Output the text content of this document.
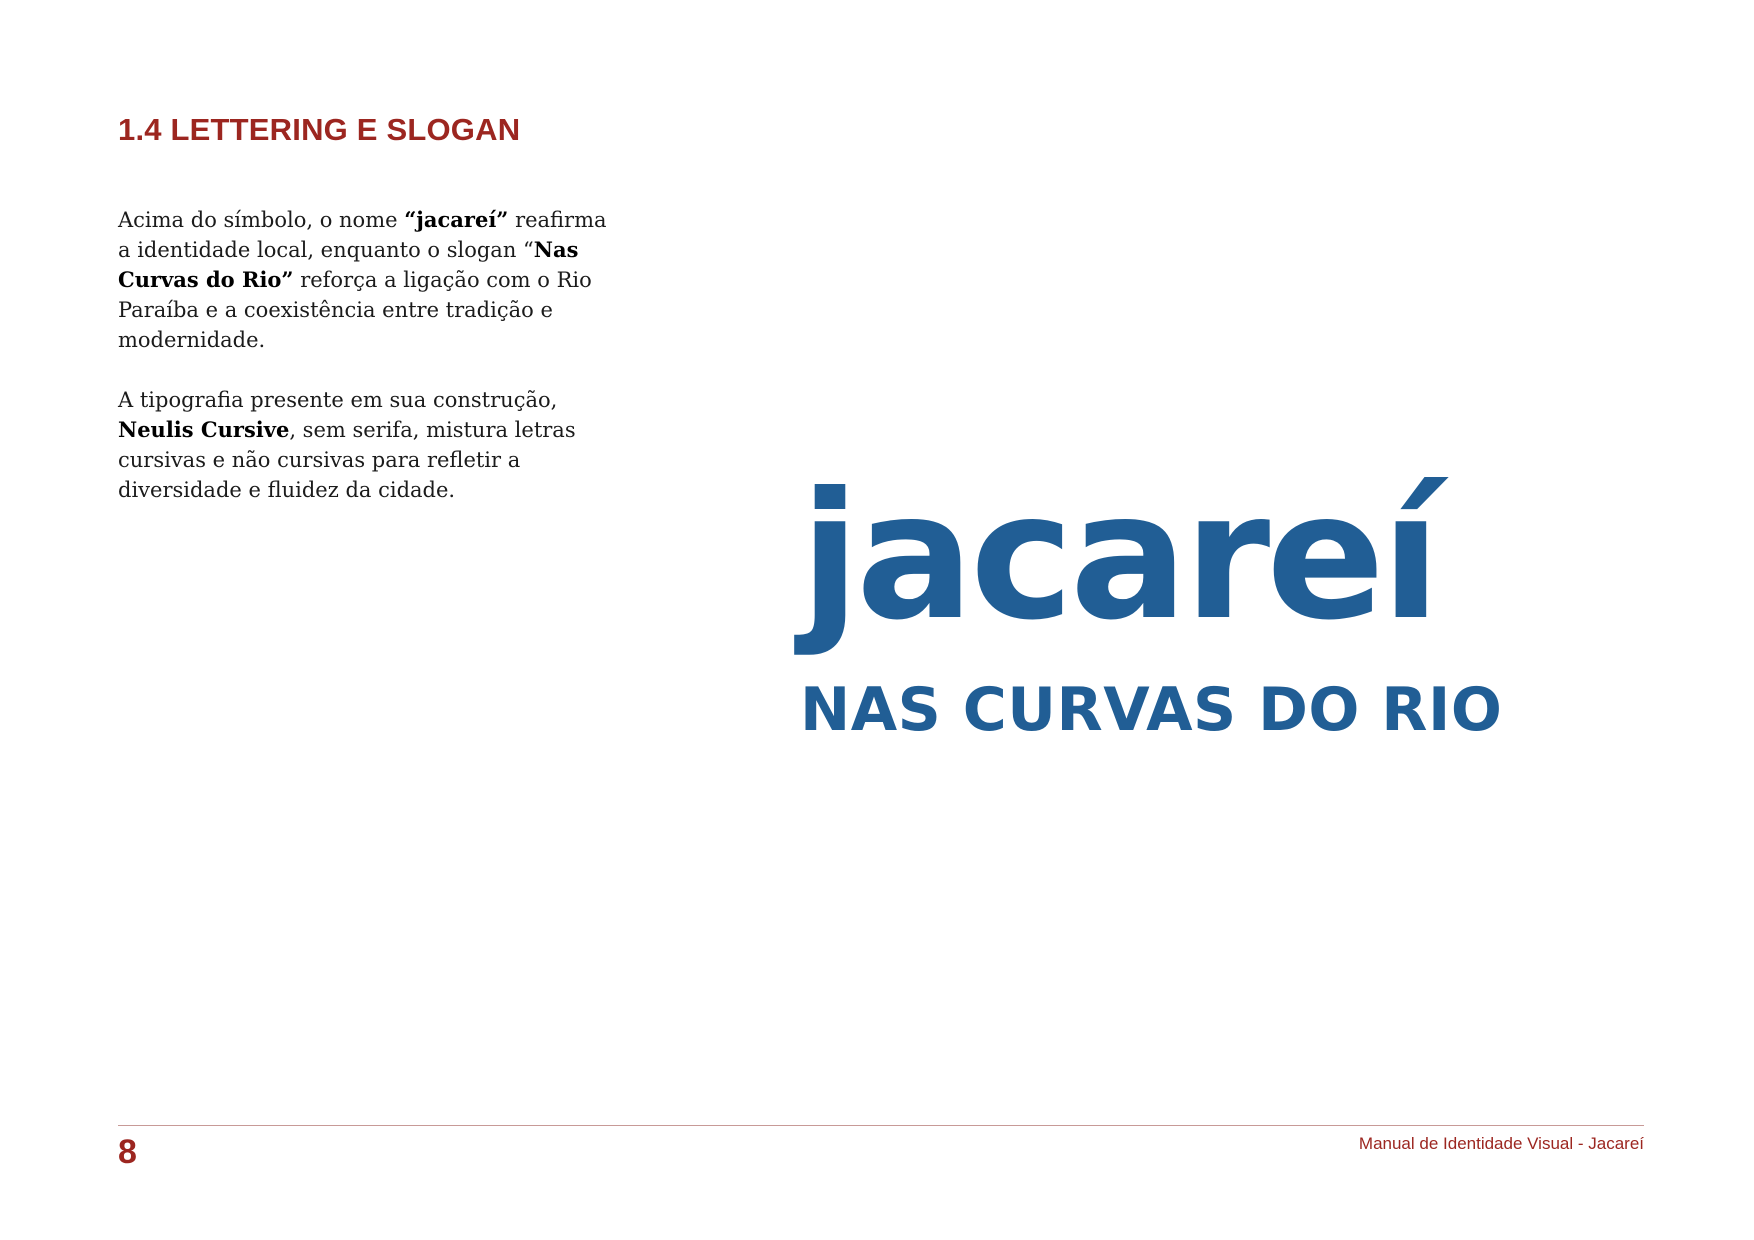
1.4 LETTERING E SLOGAN

Acima do símbolo, o nome “jacareí” reafirma a identidade local, enquanto o slogan “Nas Curvas do Rio” reforça a ligação com o Rio Paraíba e a coexistência entre tradição e modernidade.

A tipografia presente em sua construção, Neulis Cursive, sem serifa, mistura letras cursivas e não cursivas para refletir a diversidade e fluidez da cidade.	jacareí

NAS CURVAS DO RIO

8	Manual de Identidade Visual - Jacareí
